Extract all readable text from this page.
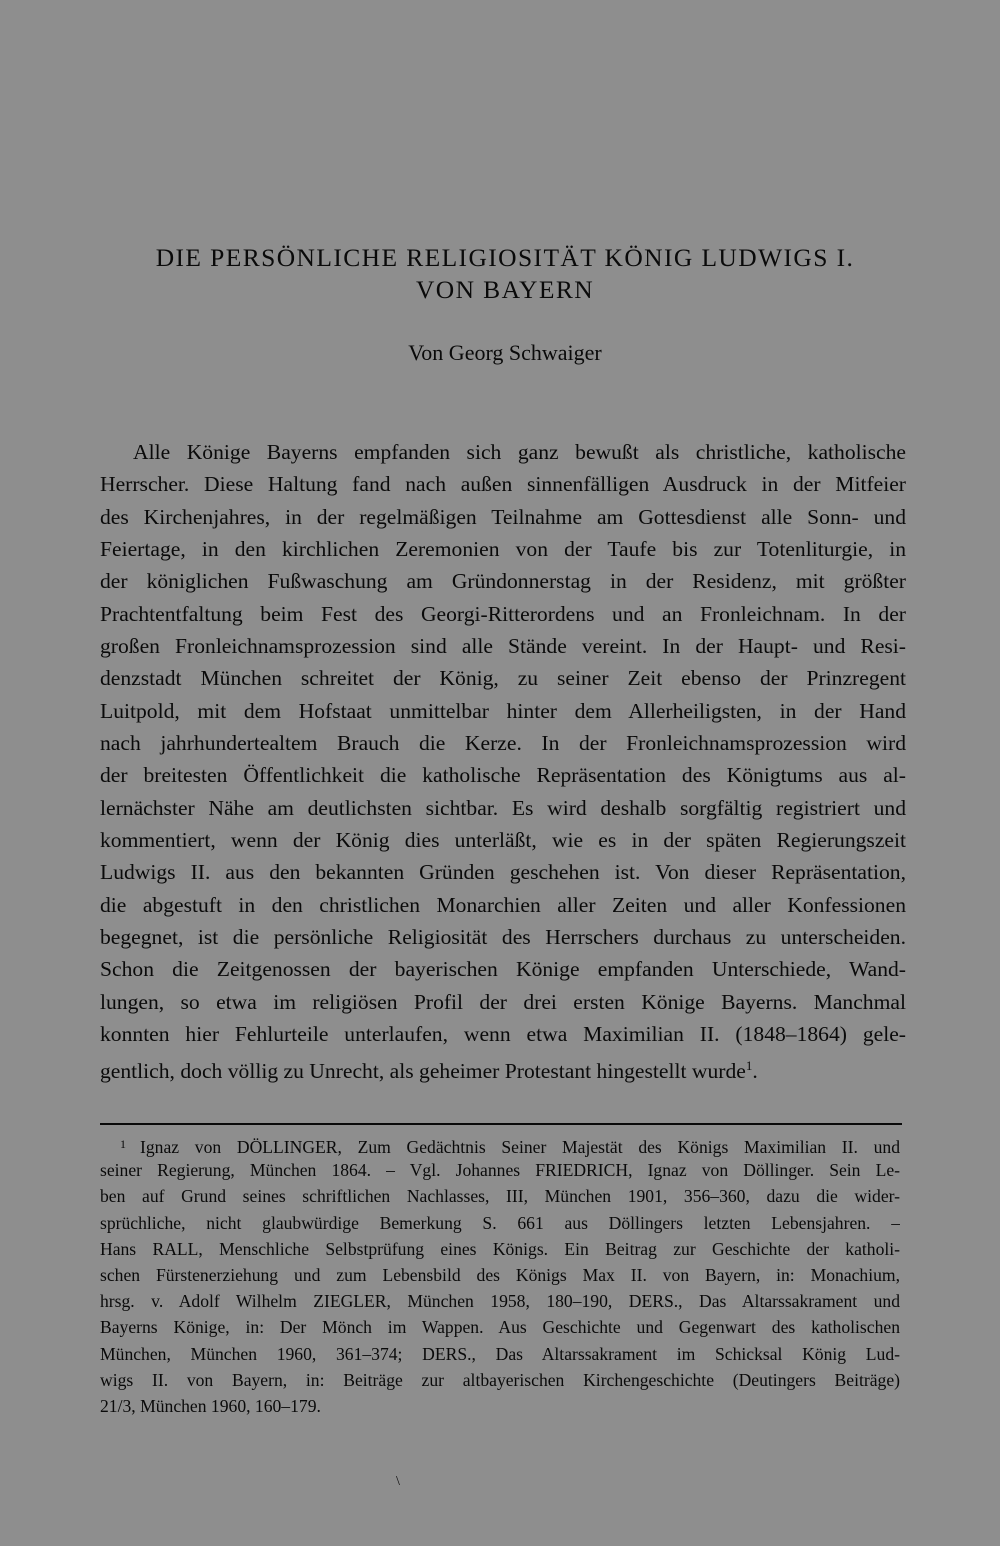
DIE PERSÖNLICHE RELIGIOSITÄT KÖNIG LUDWIGS I.
VON BAYERN
Von Georg Schwaiger
Alle Könige Bayerns empfanden sich ganz bewußt als christliche, katholische
Herrscher. Diese Haltung fand nach außen sinnenfälligen Ausdruck in der Mitfeier
des Kirchenjahres, in der regelmäßigen Teilnahme am Gottesdienst alle Sonn- und
Feiertage, in den kirchlichen Zeremonien von der Taufe bis zur Totenliturgie, in
der königlichen Fußwaschung am Gründonnerstag in der Residenz, mit größter
Prachtentfaltung beim Fest des Georgi-Ritterordens und an Fronleichnam. In der
großen Fronleichnamsprozession sind alle Stände vereint. In der Haupt- und Resi-
denzstadt München schreitet der König, zu seiner Zeit ebenso der Prinzregent
Luitpold, mit dem Hofstaat unmittelbar hinter dem Allerheiligsten, in der Hand
nach jahrhundertealtem Brauch die Kerze. In der Fronleichnamsprozession wird
der breitesten Öffentlichkeit die katholische Repräsentation des Königtums aus al-
lernächster Nähe am deutlichsten sichtbar. Es wird deshalb sorgfältig registriert und
kommentiert, wenn der König dies unterläßt, wie es in der späten Regierungszeit
Ludwigs II. aus den bekannten Gründen geschehen ist. Von dieser Repräsentation,
die abgestuft in den christlichen Monarchien aller Zeiten und aller Konfessionen
begegnet, ist die persönliche Religiosität des Herrschers durchaus zu unterscheiden.
Schon die Zeitgenossen der bayerischen Könige empfanden Unterschiede, Wand-
lungen, so etwa im religiösen Profil der drei ersten Könige Bayerns. Manchmal
konnten hier Fehlurteile unterlaufen, wenn etwa Maximilian II. (1848–1864) gele-
gentlich, doch völlig zu Unrecht, als geheimer Protestant hingestellt wurde$^1$.
$^1$ Ignaz von DÖLLINGER, Zum Gedächtnis Seiner Majestät des Königs Maximilian II. und
seiner Regierung, München 1864. – Vgl. Johannes FRIEDRICH, Ignaz von Döllinger. Sein Le-
ben auf Grund seines schriftlichen Nachlasses, III, München 1901, 356–360, dazu die wider-
sprüchliche, nicht glaubwürdige Bemerkung S. 661 aus Döllingers letzten Lebensjahren. –
Hans RALL, Menschliche Selbstprüfung eines Königs. Ein Beitrag zur Geschichte der katholi-
schen Fürstenerziehung und zum Lebensbild des Königs Max II. von Bayern, in: Monachium,
hrsg. v. Adolf Wilhelm ZIEGLER, München 1958, 180–190, DERS., Das Altarssakrament und
Bayerns Könige, in: Der Mönch im Wappen. Aus Geschichte und Gegenwart des katholischen
München, München 1960, 361–374; DERS., Das Altarssakrament im Schicksal König Lud-
wigs II. von Bayern, in: Beiträge zur altbayerischen Kirchengeschichte (Deutingers Beiträge)
21/3, München 1960, 160–179.
\
